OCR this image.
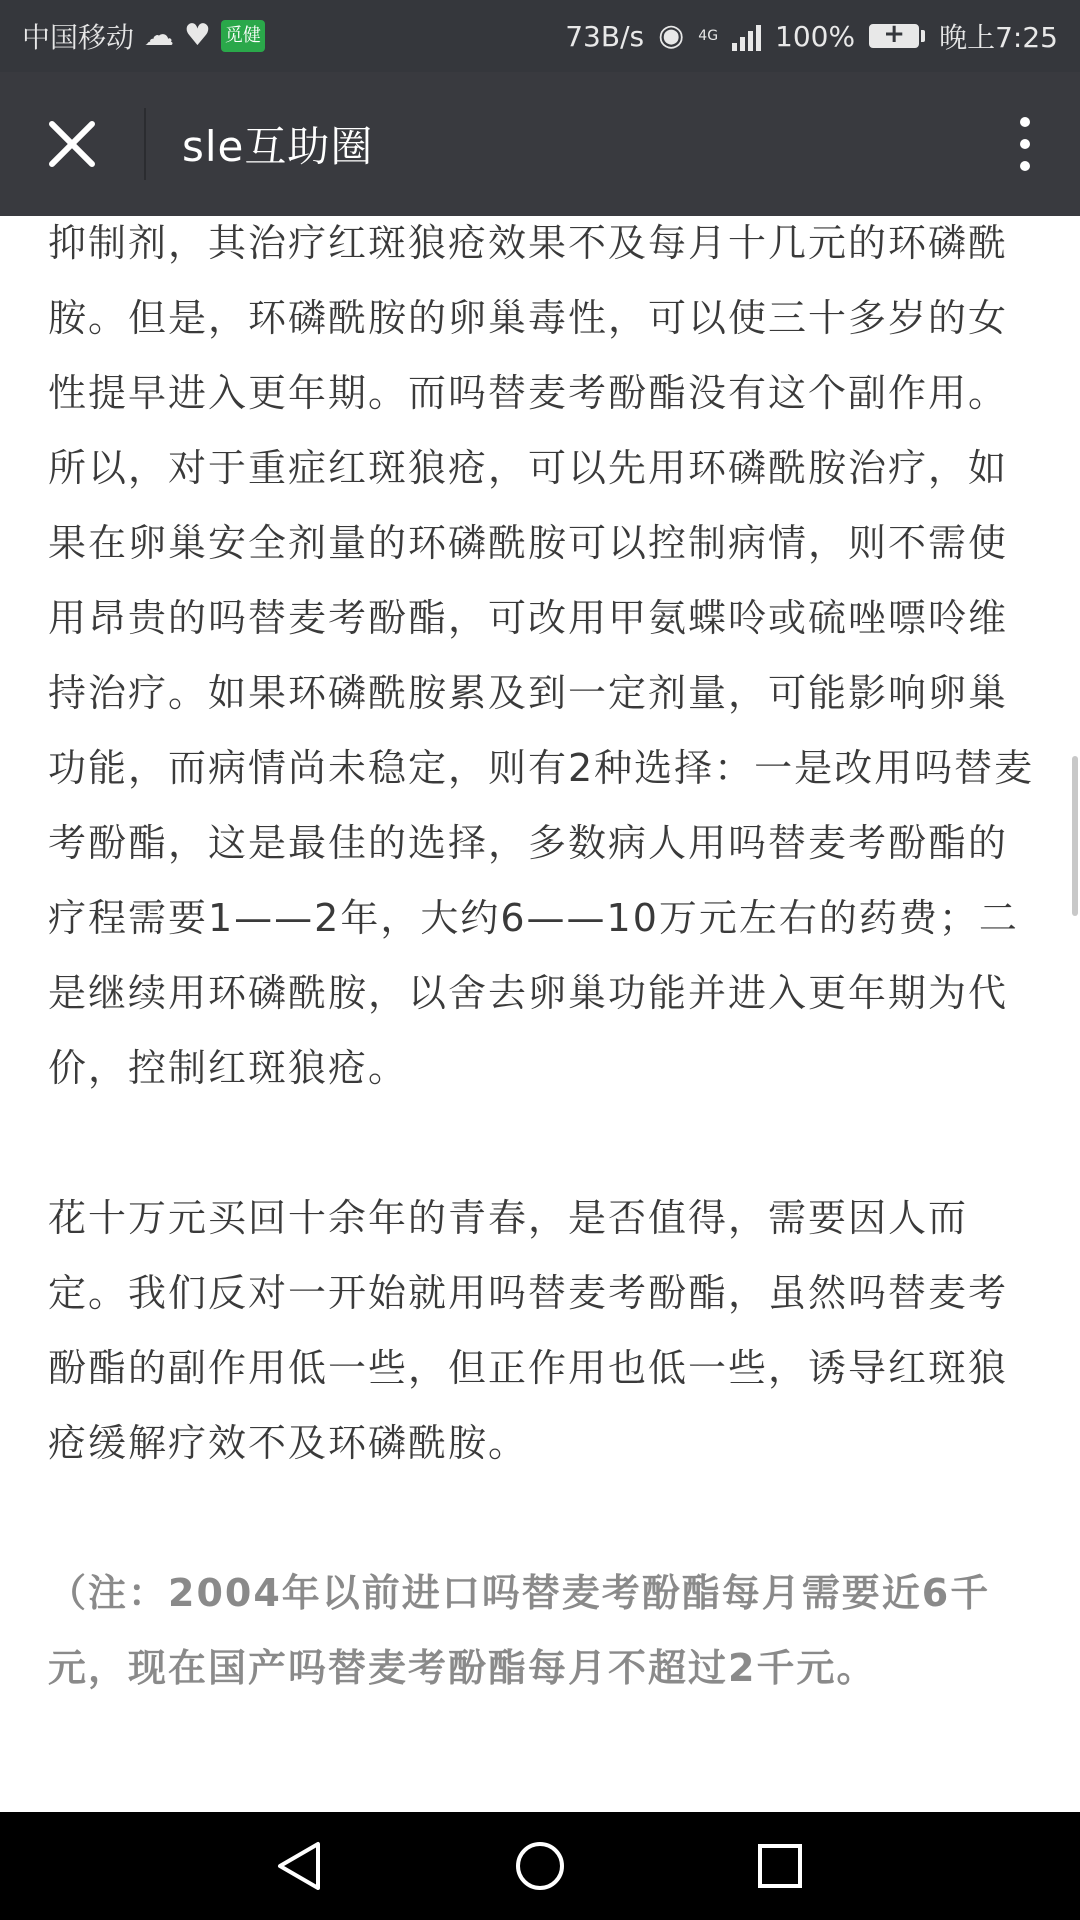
中国移动 ☁ ♥ 觅健	73B/s ◉ 4G 100%
+	晚上7:25
sle互助圈

抑制剂，其治疗红斑狼疮效果不及每月十几元的环磷酰胺。但是，环磷酰胺的卵巢毒性，可以使三十多岁的女性提早进入更年期。而吗替麦考酚酯没有这个副作用。所以，对于重症红斑狼疮，可以先用环磷酰胺治疗，如果在卵巢安全剂量的环磷酰胺可以控制病情，则不需使用昂贵的吗替麦考酚酯，可改用甲氨蝶呤或硫唑嘌呤维持治疗。如果环磷酰胺累及到一定剂量，可能影响卵巢功能，而病情尚未稳定，则有2种选择：一是改用吗替麦考酚酯，这是最佳的选择，多数病人用吗替麦考酚酯的疗程需要1——2年，大约6——10万元左右的药费；二是继续用环磷酰胺，以舍去卵巢功能并进入更年期为代价，控制红斑狼疮。

花十万元买回十余年的青春，是否值得，需要因人而定。我们反对一开始就用吗替麦考酚酯，虽然吗替麦考酚酯的副作用低一些，但正作用也低一些，诱导红斑狼疮缓解疗效不及环磷酰胺。

（注：2004年以前进口吗替麦考酚酯每月需要近6千元，现在国产吗替麦考酚酯每月不超过2千元。
